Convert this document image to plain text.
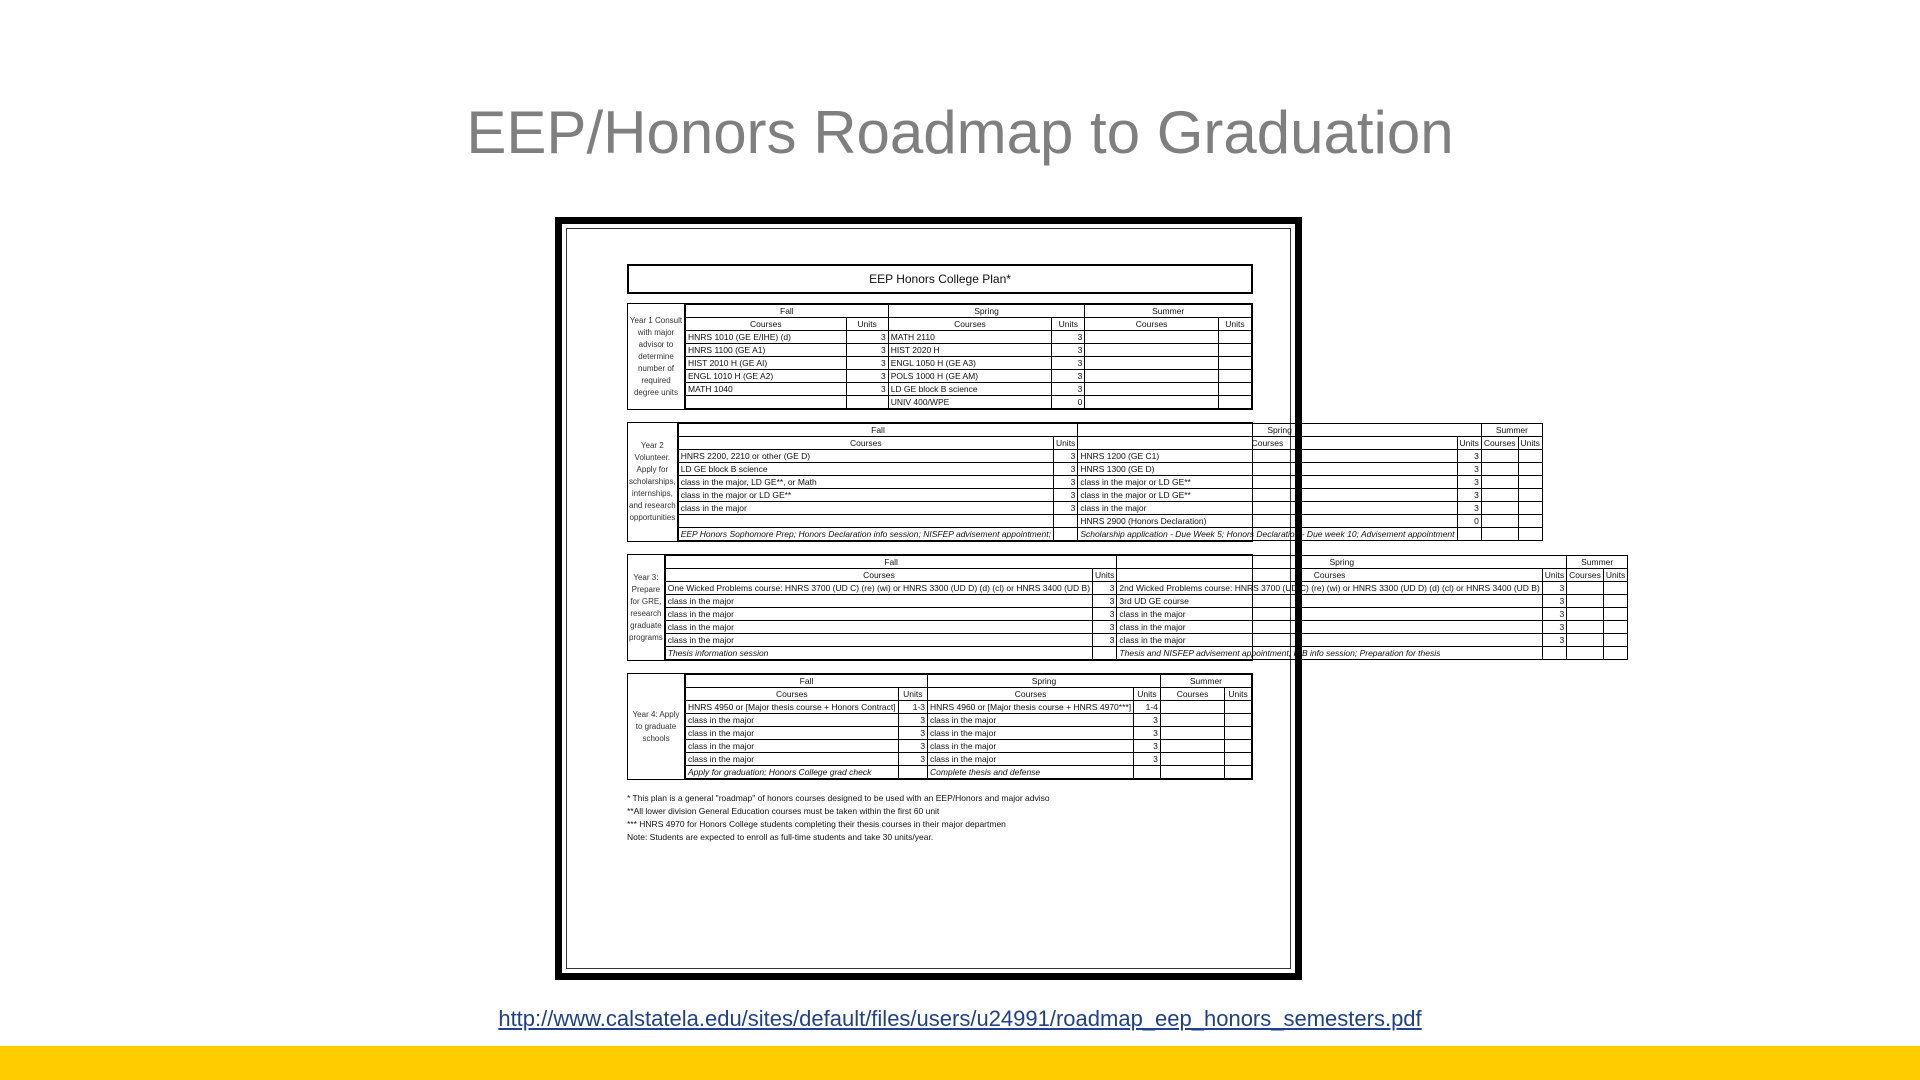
EEP/Honors Roadmap to Graduation
EEP Honors College Plan*
Year 1 Consult with major advisor to determine number of required degree units
Fall		Spring		Summer	
Courses	Units	Courses	Units	Courses	Units
HNRS 1010 (GE E/IHE) (d)	3	MATH 2110	3		
HNRS 1100 (GE A1)	3	HIST 2020 H	3		
HIST 2010 H (GE AI)	3	ENGL 1050 H (GE A3)	3		
ENGL 1010 H (GE A2)	3	POLS 1000 H (GE AM)	3		
MATH 1040	3	LD GE block B science	3		
		UNIV 400/WPE	0		
Year 2 Volunteer. Apply for scholarships, internships, and research opportunities
Fall		Spring		Summer	
Courses	Units	Courses	Units	Courses	Units
HNRS 2200, 2210 or other (GE D)	3	HNRS 1200 (GE C1)	3		
LD GE block B science	3	HNRS 1300 (GE D)	3		
class in the major, LD GE**, or Math	3	class in the major or LD GE**	3		
class in the major or LD GE**	3	class in the major or LD GE**	3		
class in the major	3	class in the major	3		
		HNRS 2900 (Honors Declaration)	0		
EEP Honors Sophomore Prep; Honors Declaration info session; NISFEP advisement appointment;		Scholarship application - Due Week 5; Honors Declaration - Due week 10; Advisement appointment			
Year 3: Prepare for GRE, research graduate programs
Fall		Spring		Summer	
Courses	Units	Courses	Units	Courses	Units
One Wicked Problems course: HNRS 3700 (UD C) (re) (wi) or HNRS 3300 (UD D) (d) (cl) or HNRS 3400 (UD B)	3	2nd Wicked Problems course: HNRS 3700 (UD C) (re) (wi) or HNRS 3300 (UD D) (d) (cl) or HNRS 3400 (UD B)	3		
class in the major	3	3rd UD GE course	3		
class in the major	3	class in the major	3		
class in the major	3	class in the major	3		
class in the major	3	class in the major	3		
Thesis information session		Thesis and NISFEP advisement appointment; IRB info session; Preparation for thesis			
Year 4: Apply to graduate schools
Fall		Spring		Summer	
Courses	Units	Courses	Units	Courses	Units
HNRS 4950 or [Major thesis course + Honors Contract]	1-3	HNRS 4960 or [Major thesis course + HNRS 4970***]	1-4		
class in the major	3	class in the major	3		
class in the major	3	class in the major	3		
class in the major	3	class in the major	3		
class in the major	3	class in the major	3		
Apply for graduation; Honors College grad check		Complete thesis and defense			
* This plan is a general "roadmap" of honors courses designed to be used with an EEP/Honors and major adviso
**All lower division General Education courses must be taken within the first 60 unit
*** HNRS 4970 for Honors College students completing their thesis courses in their major departmen
Note: Students are expected to enroll as full-time students and take 30 units/year.
http://www.calstatela.edu/sites/default/files/users/u24991/roadmap_eep_honors_semesters.pdf
